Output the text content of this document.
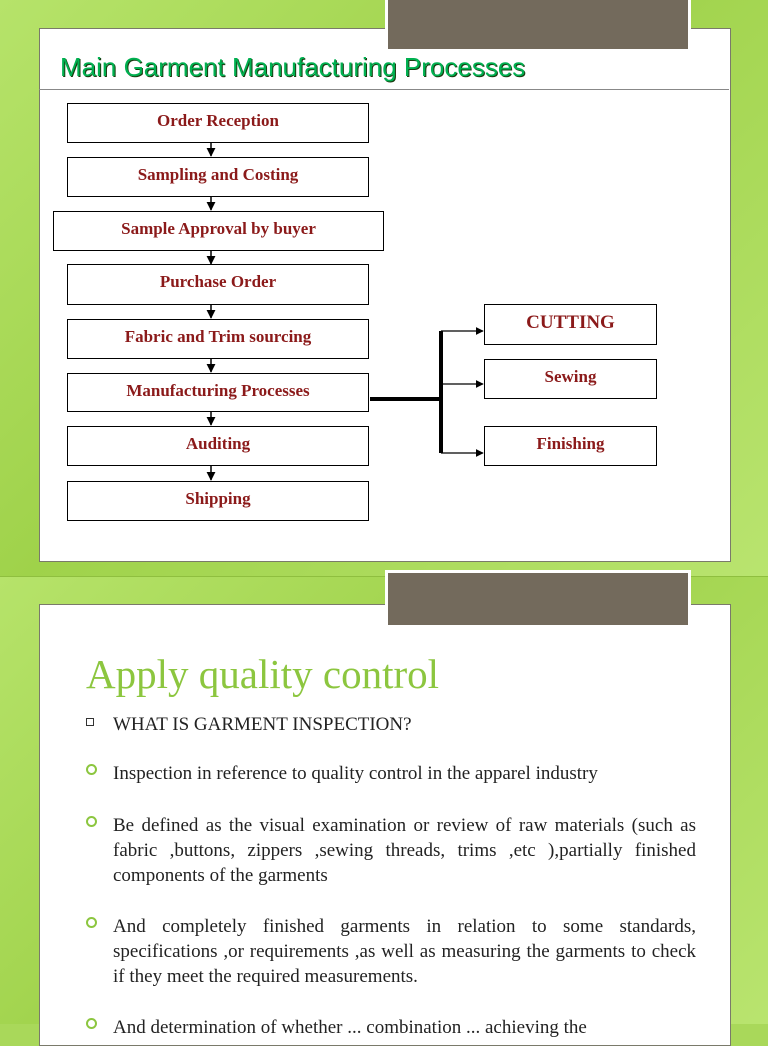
Main Garment Manufacturing Processes
Order Reception
Sampling and Costing
Sample Approval by buyer
Purchase Order
Fabric and Trim sourcing
Manufacturing Processes
Auditing
Shipping
CUTTING
Sewing
Finishing
Apply quality control
WHAT IS GARMENT INSPECTION?
Inspection in reference to quality control in the apparel industry
Be defined as the visual examination or review of raw materials (such as fabric ,buttons, zippers ,sewing threads, trims ,etc ),partially finished components of the garments
And completely finished garments in relation to some standards, specifications ,or requirements ,as well as measuring the garments to check if they meet the required measurements.
And determination of whether ... combination ... achieving the
